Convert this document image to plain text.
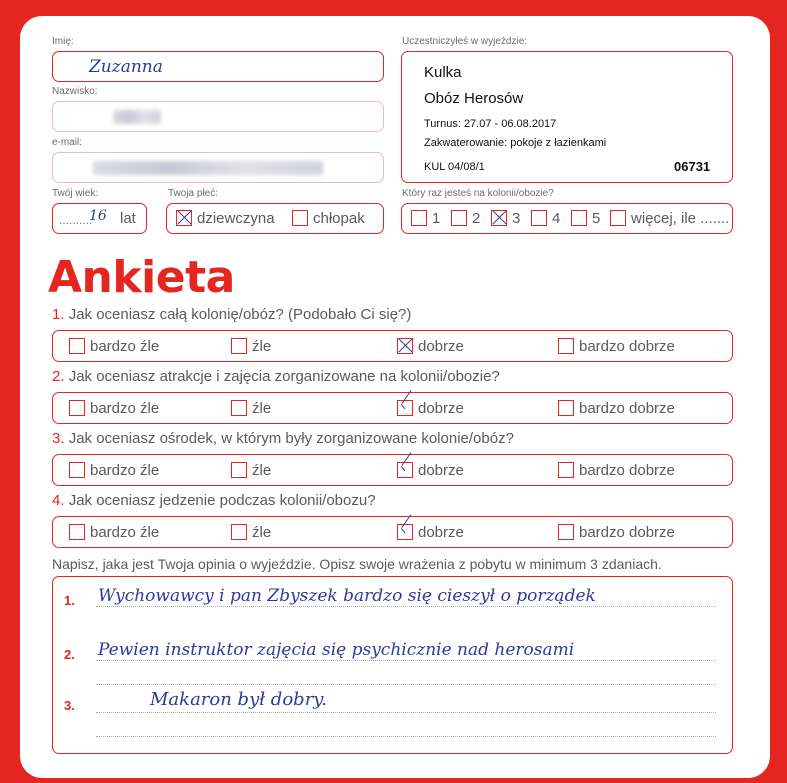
Imię:
Zuzanna
Nazwisko:
e-mail:
Twój wiek:
..........
16 lat
Twoja płeć:
dziewczyna	chłopak
Uczestniczyłeś w wyjeździe:
Kulka
Obóz Herosów
Turnus: 27.07 - 06.08.2017
Zakwaterowanie: pokoje z łazienkami
KUL 04/08/1	06731
Który raz jesteś na kolonii/obozie?
1	2	3	4	5	więcej, ile .......
Ankieta
1. Jak oceniasz całą kolonię/obóz? (Podobało Ci się?)
bardzo źle	źle	dobrze	bardzo dobrze
2. Jak oceniasz atrakcje i zajęcia zorganizowane na kolonii/obozie?
bardzo źle	źle	dobrze	bardzo dobrze
3. Jak oceniasz ośrodek, w którym były zorganizowane kolonie/obóz?
bardzo źle	źle	dobrze	bardzo dobrze
4. Jak oceniasz jedzenie podczas kolonii/obozu?
bardzo źle	źle	dobrze	bardzo dobrze
Napisz, jaka jest Twoja opinia o wyjeździe. Opisz swoje wrażenia z pobytu w minimum 3 zdaniach.
1. Wychowawcy i pan Zbyszek bardzo się cieszył o porządek
2. Pewien instruktor zajęcia się psychicznie nad herosami
3.	Makaron był dobry.
